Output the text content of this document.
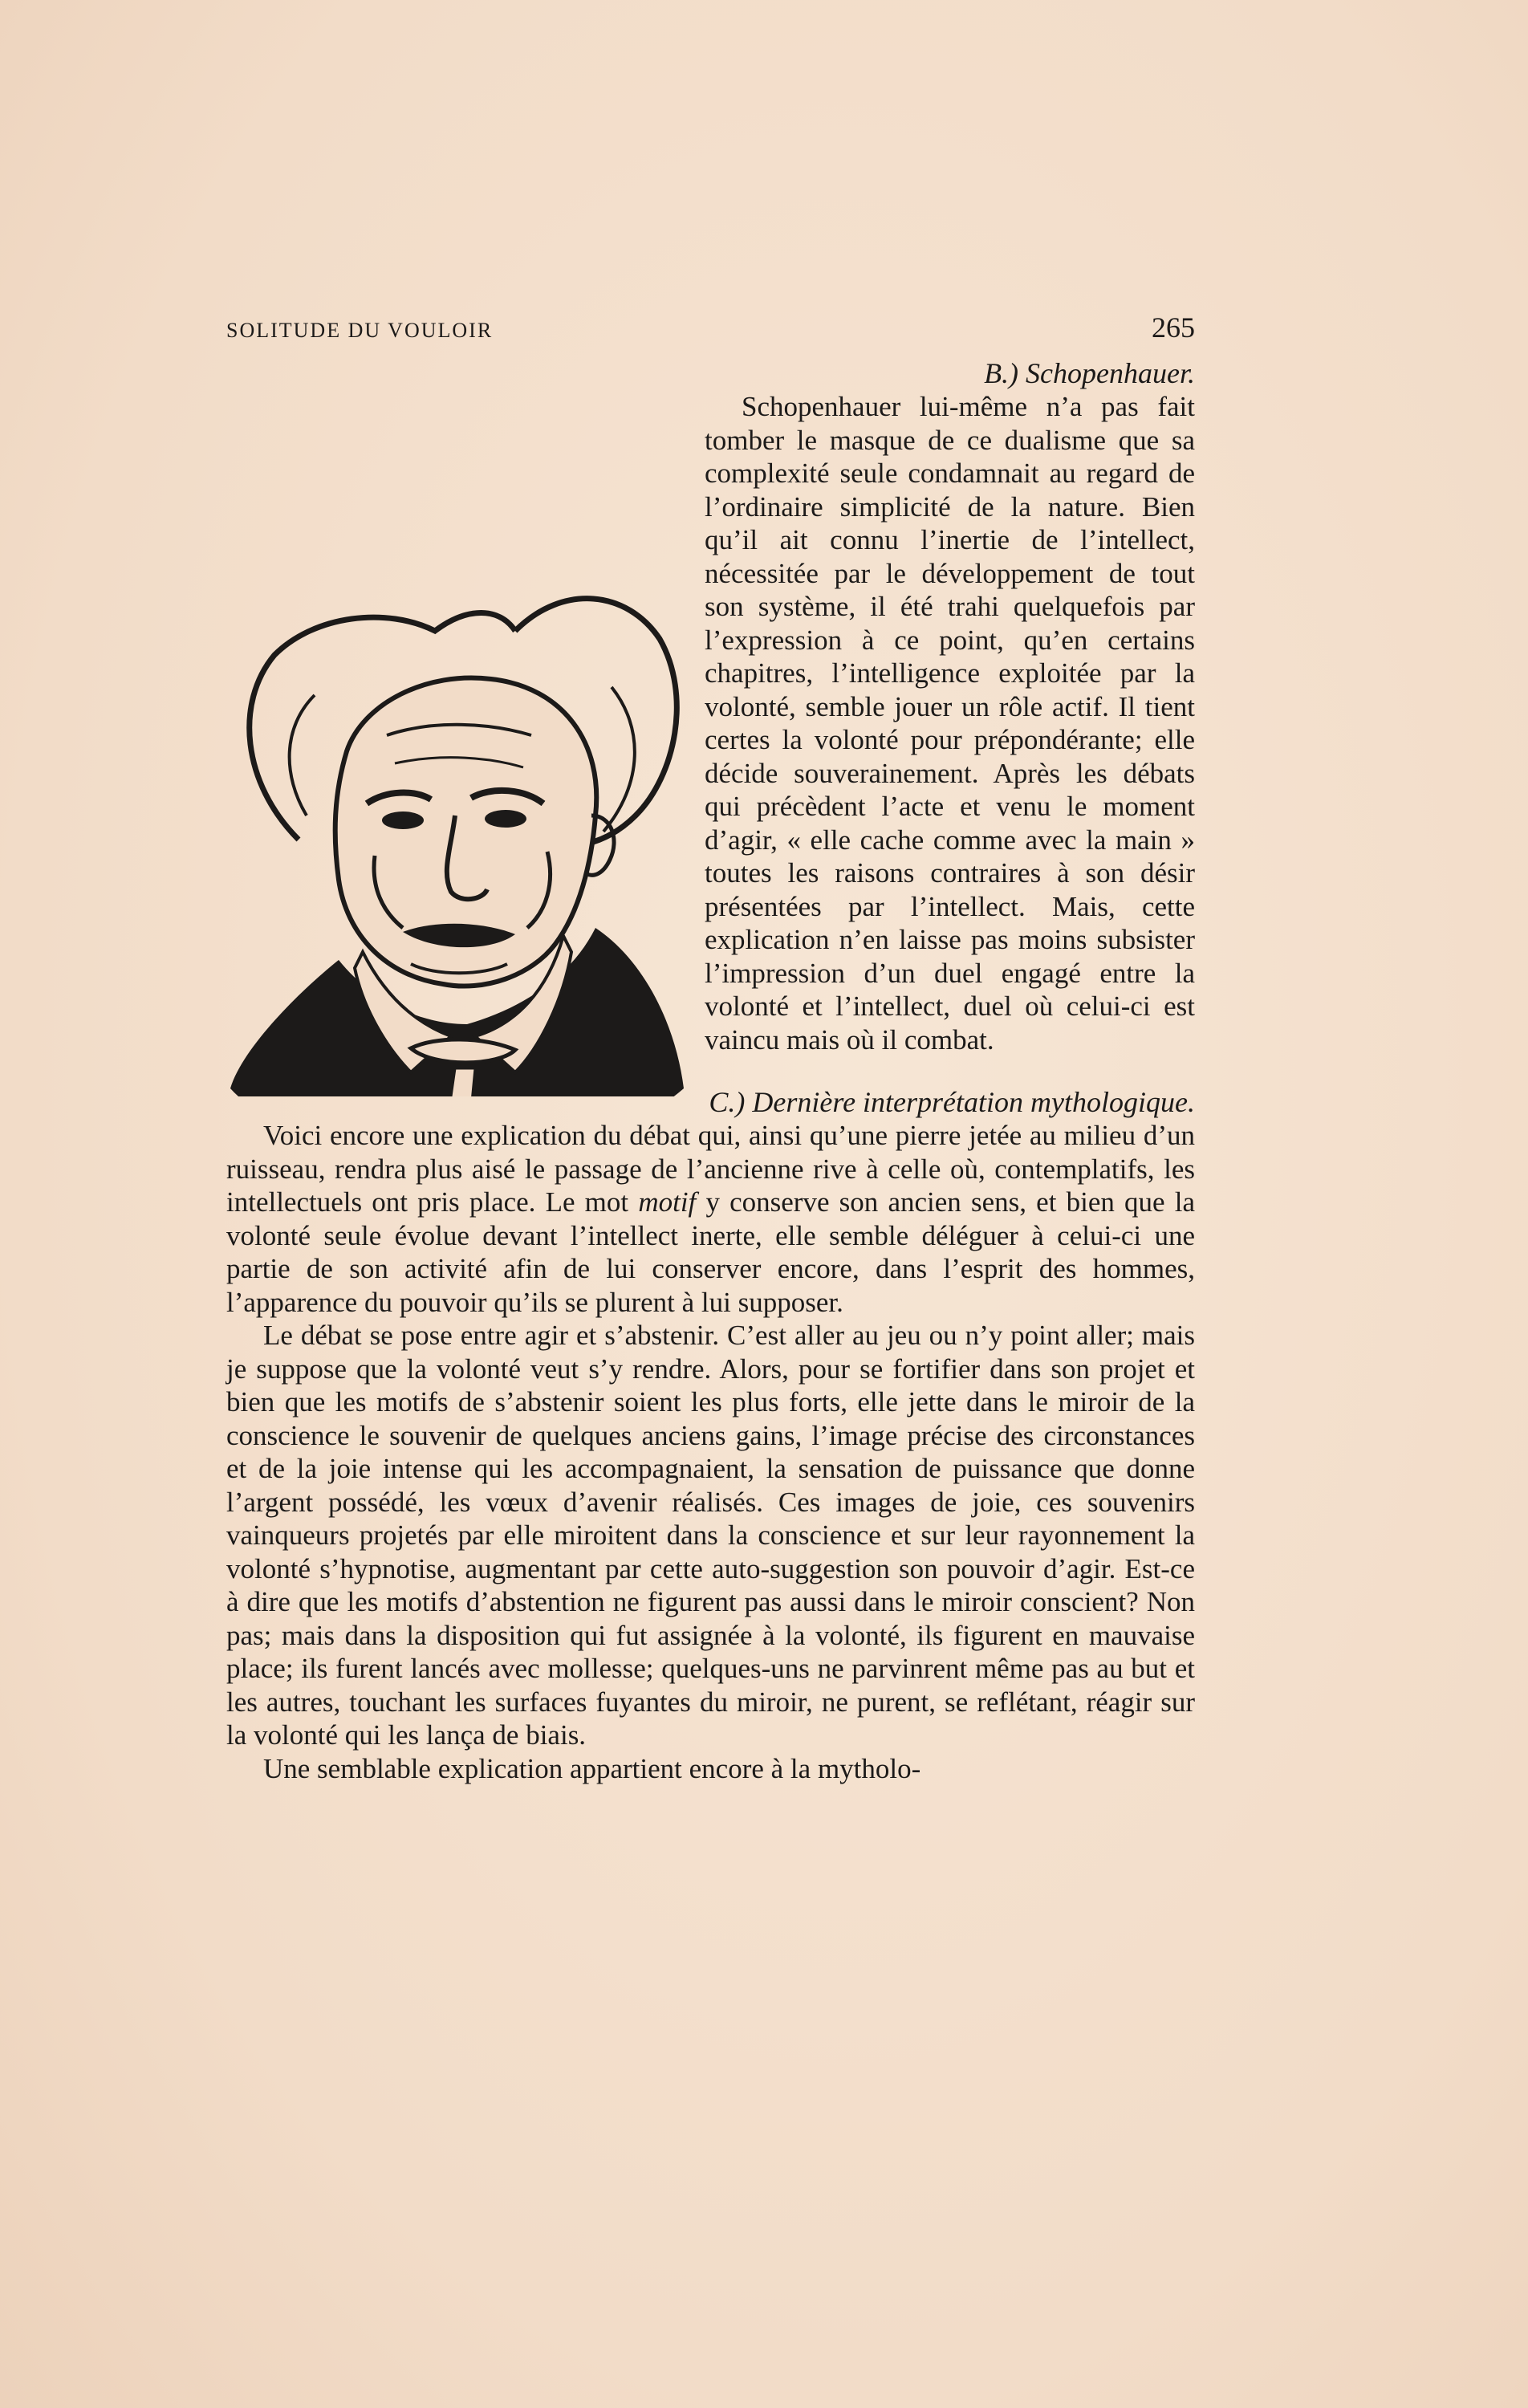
SOLITUDE DU VOULOIR	265
B.) Schopenhauer.

Schopenhauer lui-même n’a pas fait tomber le masque de ce dualisme que sa complexité seule condamnait au regard de l’ordinaire simplicité de la nature. Bien qu’il ait connu l’inertie de l’intellect, nécessitée par le développement de tout son système, il été trahi quelquefois par l’expression à ce point, qu’en certains chapitres, l’intelligence exploitée par la volonté, semble jouer un rôle actif. Il tient certes la volonté pour prépondérante; elle décide souverainement. Après les débats qui précèdent l’acte et venu le moment d’agir, « elle cache comme avec la main » toutes les raisons contraires à son désir présentées par l’intellect. Mais, cette explication n’en laisse pas moins subsister l’impression d’un duel engagé entre la volonté et l’intellect, duel où celui-ci est vaincu mais où il combat.

C.) Dernière interprétation mythologique.

Voici encore une explication du débat qui, ainsi qu’une pierre jetée au milieu d’un ruisseau, rendra plus aisé le passage de l’ancienne rive à celle où, contemplatifs, les intellectuels ont pris place. Le mot motif y conserve son ancien sens, et bien que la volonté seule évolue devant l’intellect inerte, elle semble déléguer à celui-ci une partie de son activité afin de lui conserver encore, dans l’esprit des hommes, l’apparence du pouvoir qu’ils se plurent à lui supposer.

Le débat se pose entre agir et s’abstenir. C’est aller au jeu ou n’y point aller; mais je suppose que la volonté veut s’y rendre. Alors, pour se fortifier dans son projet et bien que les motifs de s’abstenir soient les plus forts, elle jette dans le miroir de la conscience le souvenir de quelques anciens gains, l’image précise des circonstances et de la joie intense qui les accompagnaient, la sensation de puissance que donne l’argent possédé, les vœux d’avenir réalisés. Ces images de joie, ces souvenirs vainqueurs projetés par elle miroitent dans la conscience et sur leur rayonnement la volonté s’hypnotise, augmentant par cette auto-suggestion son pouvoir d’agir. Est-ce à dire que les motifs d’abstention ne figurent pas aussi dans le miroir conscient? Non pas; mais dans la disposition qui fut assignée à la volonté, ils figurent en mauvaise place; ils furent lancés avec mollesse; quelques-uns ne parvinrent même pas au but et les autres, touchant les surfaces fuyantes du miroir, ne purent, se reflétant, réagir sur la volonté qui les lança de biais.

Une semblable explication appartient encore à la mytholo-
